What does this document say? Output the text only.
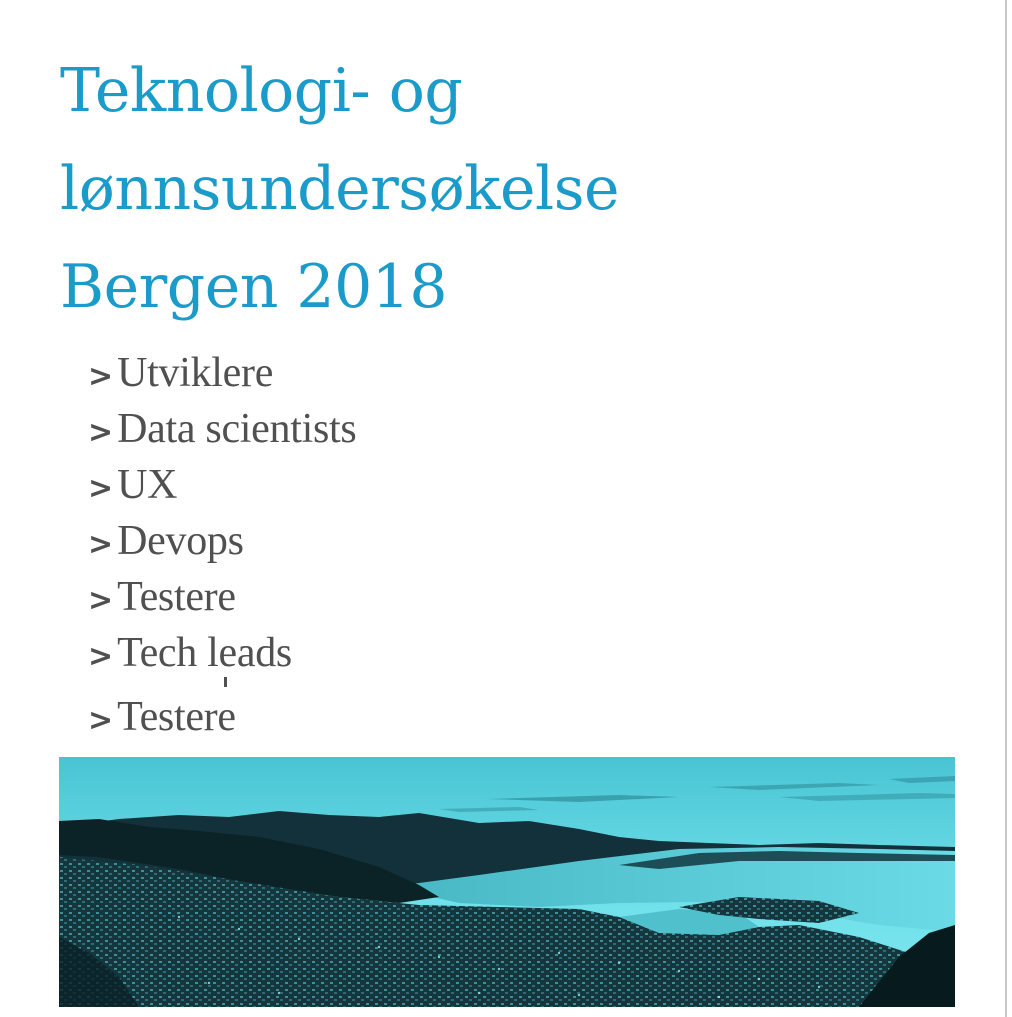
Teknologi- og
lønnsundersøkelse
Bergen 2018
> Utviklere
> Data scientists
> UX
> Devops
> Testere
> Tech leads
> Testere
